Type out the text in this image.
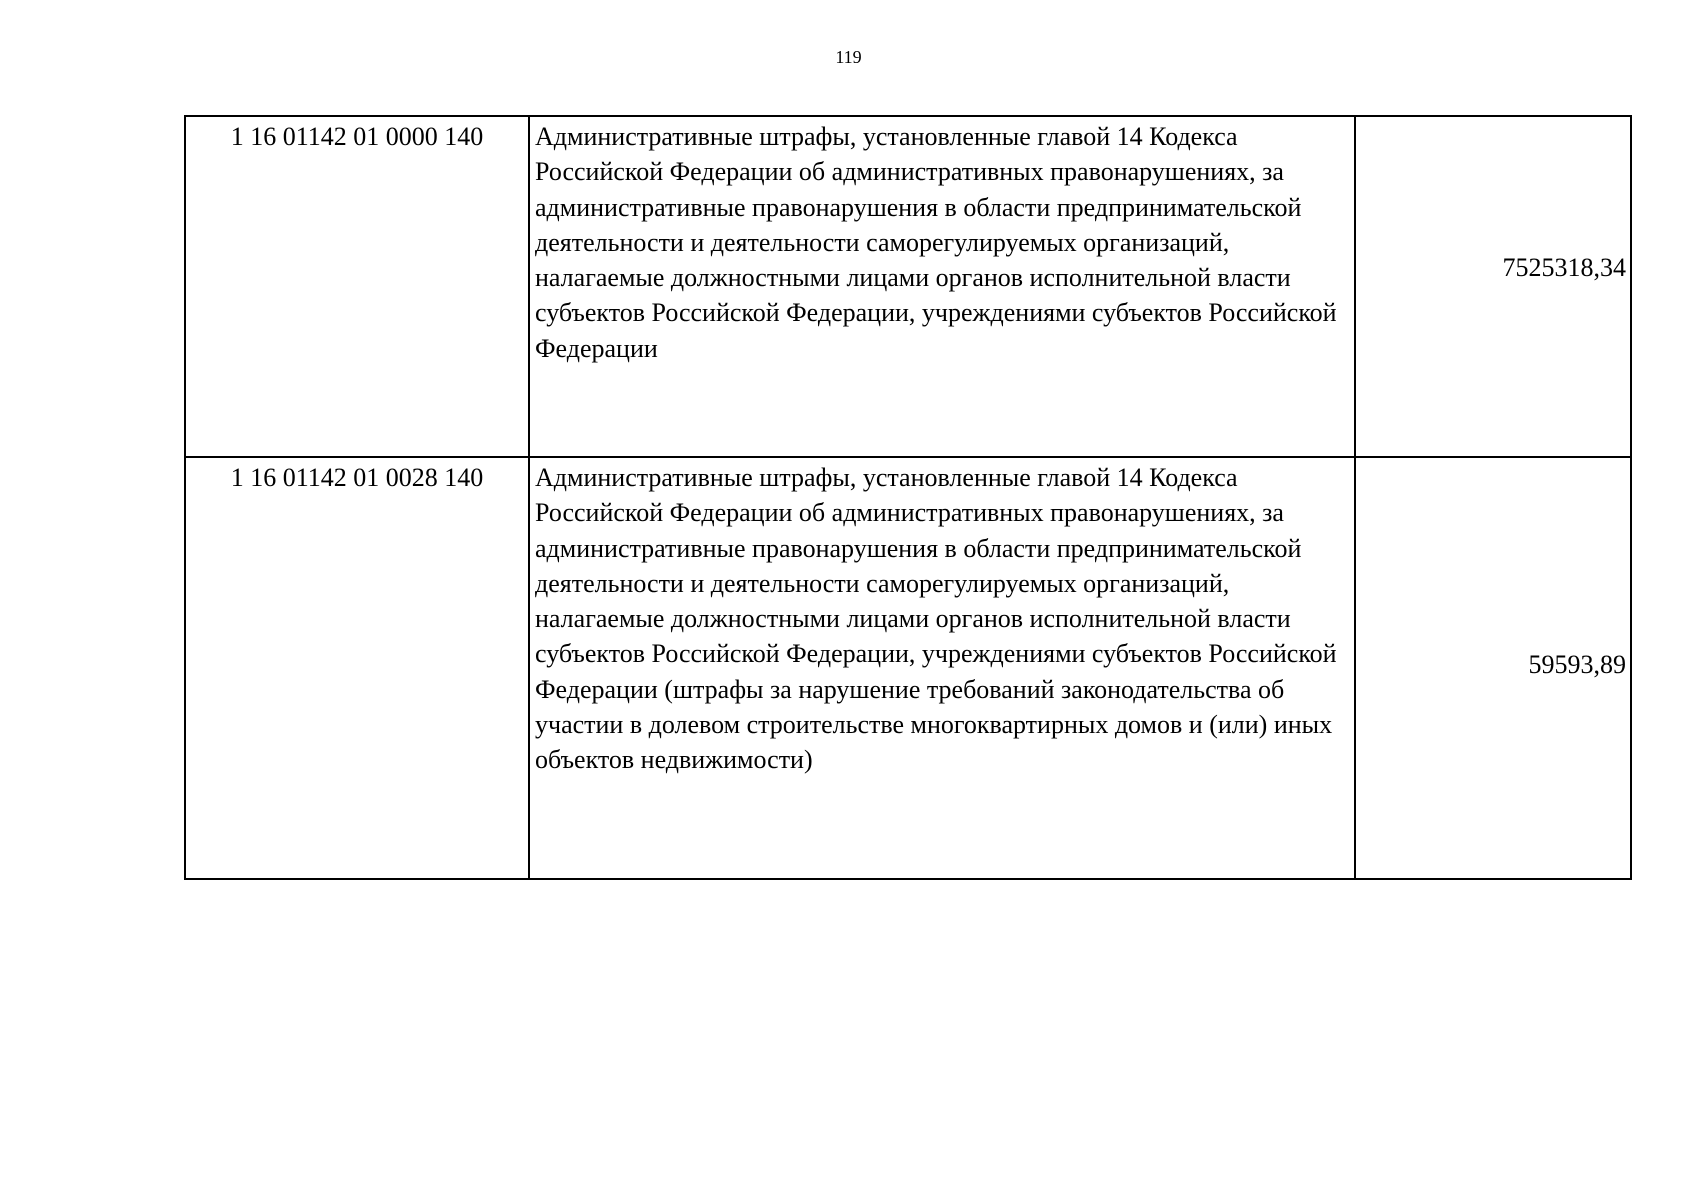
119
1 16 01142 01 0000 140	Административные штрафы, установленные главой 14 Кодекса Российской Федерации об административных правонарушениях, за административные правонарушения в области предпринимательской деятельности и деятельности саморегулируемых организаций, налагаемые должностными лицами органов исполнительной власти субъектов Российской Федерации, учреждениями субъектов Российской Федерации	7525318,34
1 16 01142 01 0028 140	Административные штрафы, установленные главой 14 Кодекса Российской Федерации об административных правонарушениях, за административные правонарушения в области предпринимательской деятельности и деятельности саморегулируемых организаций, налагаемые должностными лицами органов исполнительной власти субъектов Российской Федерации, учреждениями субъектов Российской Федерации (штрафы за нарушение требований законодательства об участии в долевом строительстве многоквартирных домов и (или) иных объектов недвижимости)	59593,89
